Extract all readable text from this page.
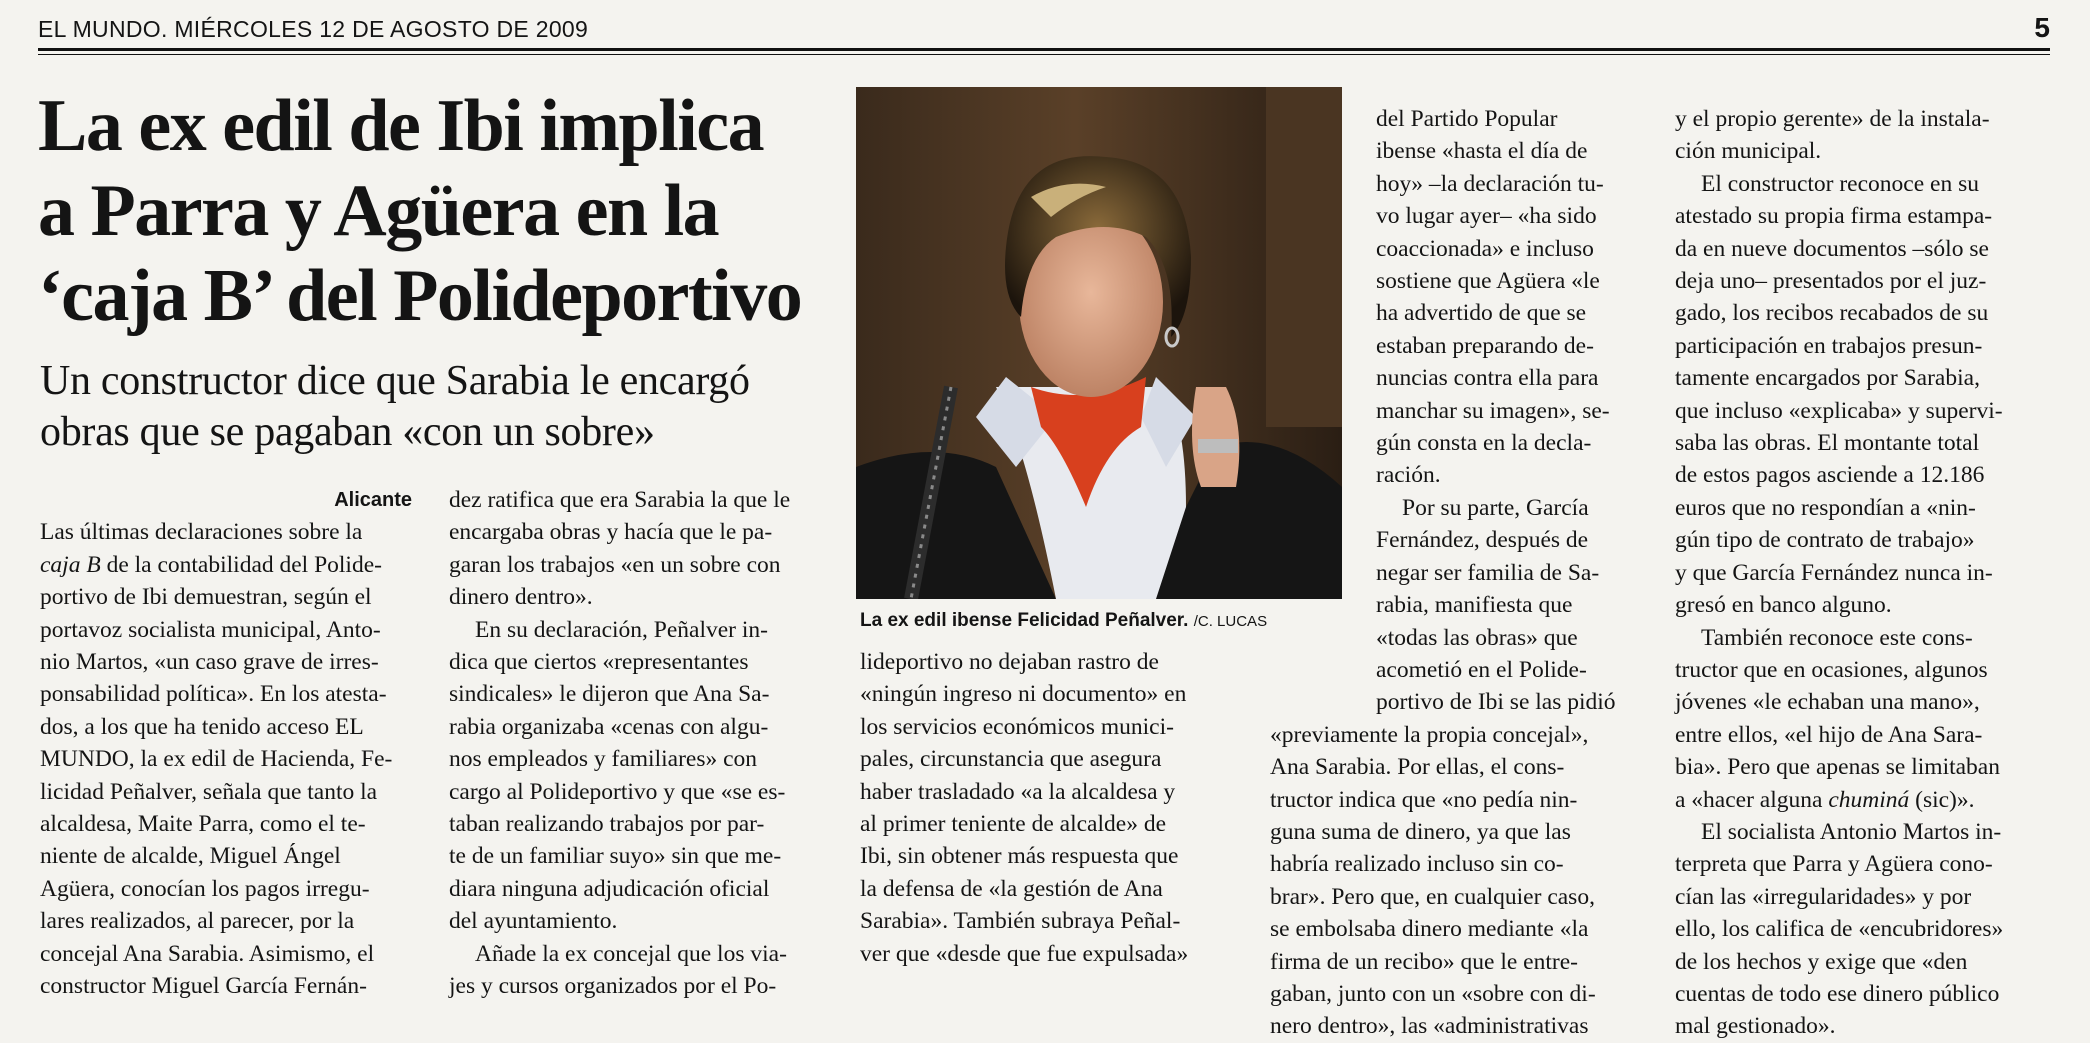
EL MUNDO. MIÉRCOLES 12 DE AGOSTO DE 2009	5
La ex edil de Ibi implica
a Parra y Agüera en la
‘caja B’ del Polideportivo
Un constructor dice que Sarabia le encargó
obras que se pagaban «con un sobre»
Alicante

Las últimas declaraciones sobre la

caja B de la contabilidad del Polide-

portivo de Ibi demuestran, según el

portavoz socialista municipal, Anto-

nio Martos, «un caso grave de irres-

ponsabilidad política». En los atesta-

dos, a los que ha tenido acceso EL

MUNDO, la ex edil de Hacienda, Fe-

licidad Peñalver, señala que tanto la

alcaldesa, Maite Parra, como el te-

niente de alcalde, Miguel Ángel

Agüera, conocían los pagos irregu-

lares realizados, al parecer, por la

concejal Ana Sarabia. Asimismo, el

constructor Miguel García Fernán-

dez ratifica que era Sarabia la que le

encargaba obras y hacía que le pa-

garan los trabajos «en un sobre con

dinero dentro».

En su declaración, Peñalver in-

dica que ciertos «representantes

sindicales» le dijeron que Ana Sa-

rabia organizaba «cenas con algu-

nos empleados y familiares» con

cargo al Polideportivo y que «se es-

taban realizando trabajos por par-

te de un familiar suyo» sin que me-

diara ninguna adjudicación oficial

del ayuntamiento.

Añade la ex concejal que los via-

jes y cursos organizados por el Po-

La ex edil ibense Felicidad Peñalver. /C. LUCAS

lideportivo no dejaban rastro de

«ningún ingreso ni documento» en

los servicios económicos munici-

pales, circunstancia que asegura

haber trasladado «a la alcaldesa y

al primer teniente de alcalde» de

Ibi, sin obtener más respuesta que

la defensa de «la gestión de Ana

Sarabia». También subraya Peñal-

ver que «desde que fue expulsada»

del Partido Popular

ibense «hasta el día de

hoy» –la declaración tu-

vo lugar ayer– «ha sido

coaccionada» e incluso

sostiene que Agüera «le

ha advertido de que se

estaban preparando de-

nuncias contra ella para

manchar su imagen», se-

gún consta en la decla-

ración.

Por su parte, García

Fernández, después de

negar ser familia de Sa-

rabia, manifiesta que

«todas las obras» que

acometió en el Polide-

portivo de Ibi se las pidió

«previamente la propia concejal»,

Ana Sarabia. Por ellas, el cons-

tructor indica que «no pedía nin-

guna suma de dinero, ya que las

habría realizado incluso sin co-

brar». Pero que, en cualquier caso,

se embolsaba dinero mediante «la

firma de un recibo» que le entre-

gaban, junto con un «sobre con di-

nero dentro», las «administrativas

y el propio gerente» de la instala-

ción municipal.

El constructor reconoce en su

atestado su propia firma estampa-

da en nueve documentos –sólo se

deja uno– presentados por el juz-

gado, los recibos recabados de su

participación en trabajos presun-

tamente encargados por Sarabia,

que incluso «explicaba» y supervi-

saba las obras. El montante total

de estos pagos asciende a 12.186

euros que no respondían a «nin-

gún tipo de contrato de trabajo»

y que García Fernández nunca in-

gresó en banco alguno.

También reconoce este cons-

tructor que en ocasiones, algunos

jóvenes «le echaban una mano»,

entre ellos, «el hijo de Ana Sara-

bia». Pero que apenas se limitaban

a «hacer alguna chuminá (sic)».

El socialista Antonio Martos in-

terpreta que Parra y Agüera cono-

cían las «irregularidades» y por

ello, los califica de «encubridores»

de los hechos y exige que «den

cuentas de todo ese dinero público

mal gestionado».
